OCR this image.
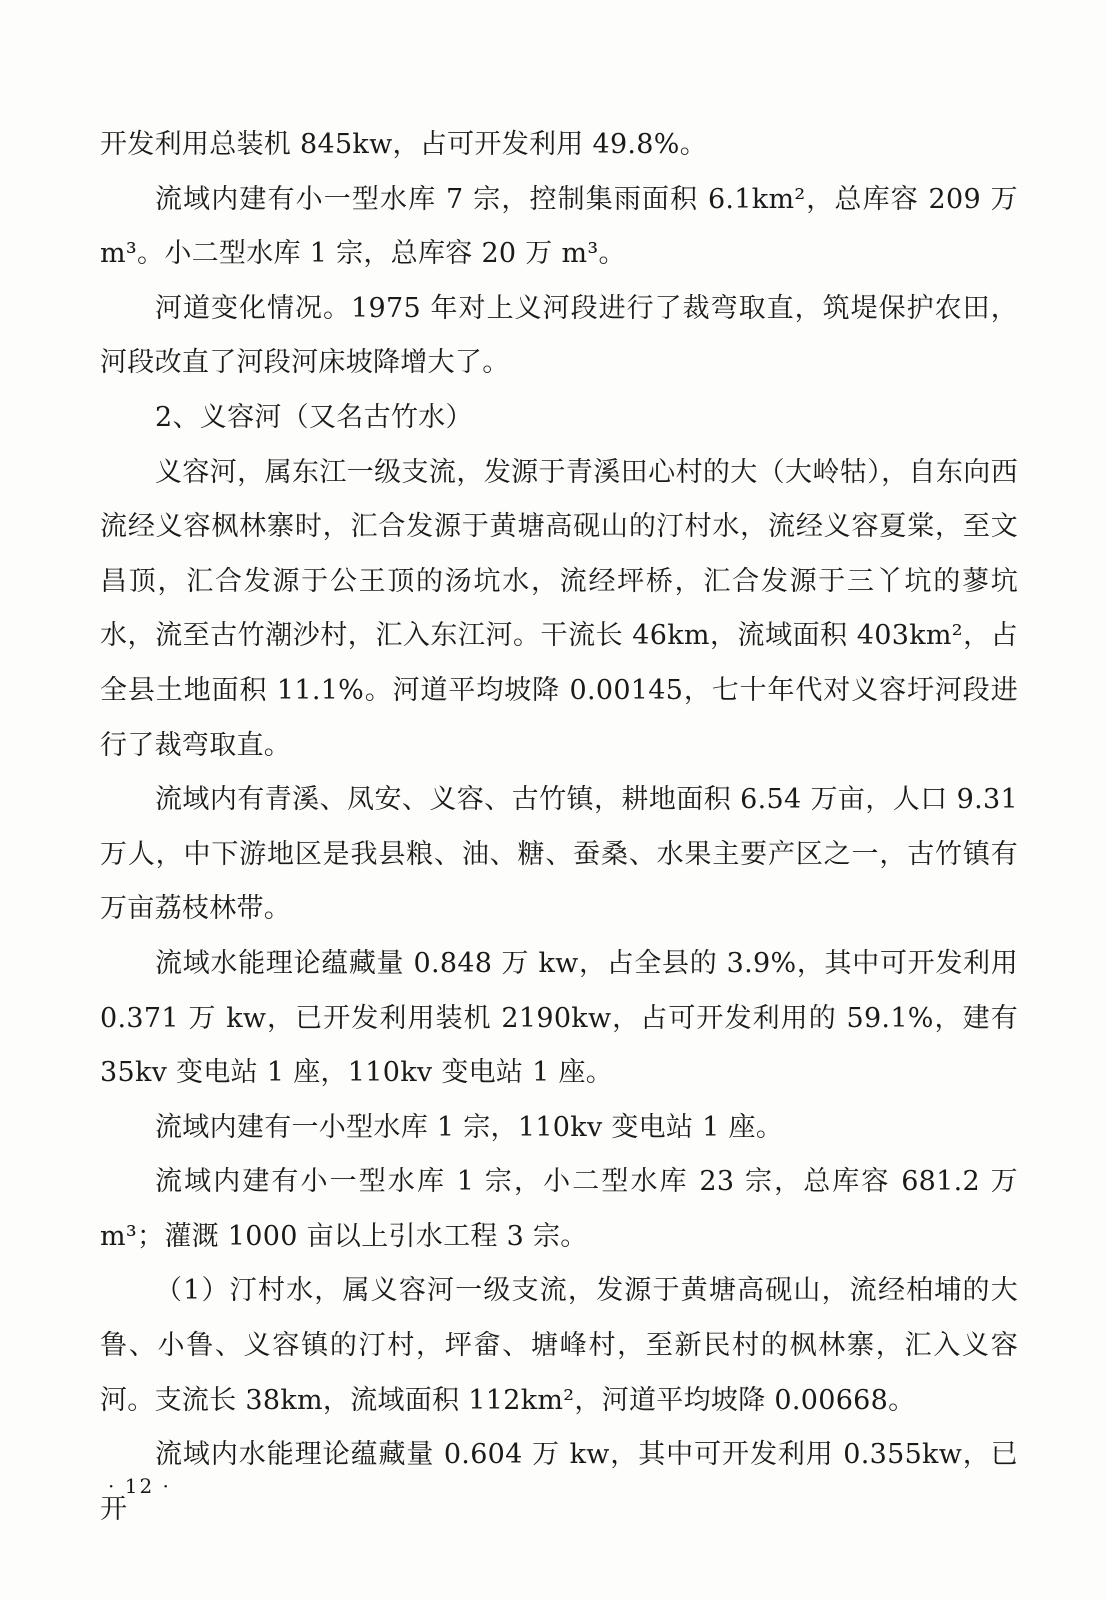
开发利用总装机 845kw，占可开发利用 49.8%。

流域内建有小一型水库 7 宗，控制集雨面积 6.1km²，总库容 209 万 m³。小二型水库 1 宗，总库容 20 万 m³。

河道变化情况。1975 年对上义河段进行了裁弯取直，筑堤保护农田，河段改直了河段河床坡降增大了。

2、义容河（又名古竹水）

义容河，属东江一级支流，发源于青溪田心村的大（大岭牯），自东向西流经义容枫林寨时，汇合发源于黄塘高砚山的汀村水，流经义容夏棠，至文昌顶，汇合发源于公王顶的汤坑水，流经坪桥，汇合发源于三丫坑的蓼坑水，流至古竹潮沙村，汇入东江河。干流长 46km，流域面积 403km²，占全县土地面积 11.1%。河道平均坡降 0.00145，七十年代对义容圩河段进行了裁弯取直。

流域内有青溪、凤安、义容、古竹镇，耕地面积 6.54 万亩，人口 9.31 万人，中下游地区是我县粮、油、糖、蚕桑、水果主要产区之一，古竹镇有万亩荔枝林带。

流域水能理论蕴藏量 0.848 万 kw，占全县的 3.9%，其中可开发利用 0.371 万 kw，已开发利用装机 2190kw，占可开发利用的 59.1%，建有 35kv 变电站 1 座，110kv 变电站 1 座。

流域内建有一小型水库 1 宗，110kv 变电站 1 座。

流域内建有小一型水库 1 宗，小二型水库 23 宗，总库容 681.2 万 m³；灌溉 1000 亩以上引水工程 3 宗。

（1）汀村水，属义容河一级支流，发源于黄塘高砚山，流经柏埔的大鲁、小鲁、义容镇的汀村，坪畲、塘峰村，至新民村的枫林寨，汇入义容河。支流长 38km，流域面积 112km²，河道平均坡降 0.00668。

流域内水能理论蕴藏量 0.604 万 kw，其中可开发利用 0.355kw，已开

· 12 ·
